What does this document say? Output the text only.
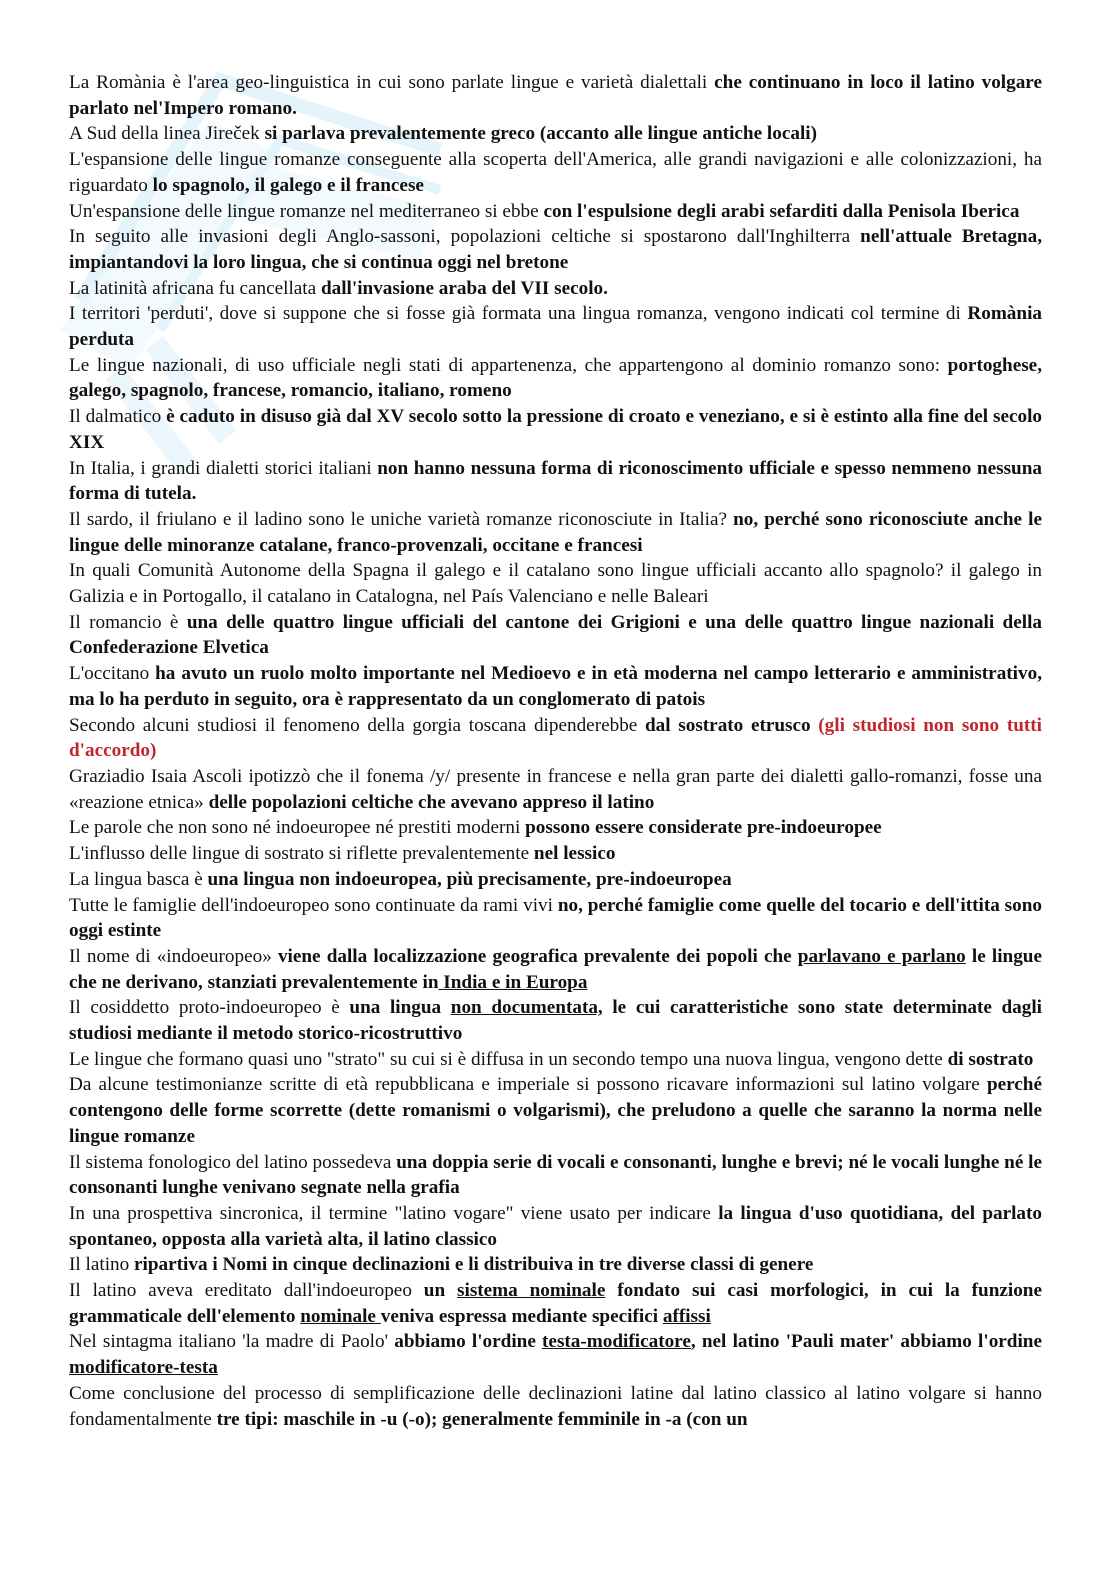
La Romània è l'area geo-linguistica in cui sono parlate lingue e varietà dialettali che continuano in loco il latino volgare parlato nel'Impero romano.
A Sud della linea Jireček si parlava prevalentemente greco (accanto alle lingue antiche locali)
L'espansione delle lingue romanze conseguente alla scoperta dell'America, alle grandi navigazioni e alle colonizzazioni, ha riguardato lo spagnolo, il galego e il francese
Un'espansione delle lingue romanze nel mediterraneo si ebbe con l'espulsione degli arabi sefarditi dalla Penisola Iberica
In seguito alle invasioni degli Anglo-sassoni, popolazioni celtiche si spostarono dall'Inghilterra nell'attuale Bretagna, impiantandovi la loro lingua, che si continua oggi nel bretone
La latinità africana fu cancellata dall'invasione araba del VII secolo.
I territori 'perduti', dove si suppone che si fosse già formata una lingua romanza, vengono indicati col termine di Romània perduta
Le lingue nazionali, di uso ufficiale negli stati di appartenenza, che appartengono al dominio romanzo sono: portoghese, galego, spagnolo, francese, romancio, italiano, romeno
Il dalmatico è caduto in disuso già dal XV secolo sotto la pressione di croato e veneziano, e si è estinto alla fine del secolo XIX
In Italia, i grandi dialetti storici italiani non hanno nessuna forma di riconoscimento ufficiale e spesso nemmeno nessuna forma di tutela.
Il sardo, il friulano e il ladino sono le uniche varietà romanze riconosciute in Italia? no, perché sono riconosciute anche le lingue delle minoranze catalane, franco-provenzali, occitane e francesi
In quali Comunità Autonome della Spagna il galego e il catalano sono lingue ufficiali accanto allo spagnolo? il galego in Galizia e in Portogallo, il catalano in Catalogna, nel País Valenciano e nelle Baleari
Il romancio è una delle quattro lingue ufficiali del cantone dei Grigioni e una delle quattro lingue nazionali della Confederazione Elvetica
L'occitano ha avuto un ruolo molto importante nel Medioevo e in età moderna nel campo letterario e amministrativo, ma lo ha perduto in seguito, ora è rappresentato da un conglomerato di patois
Secondo alcuni studiosi il fenomeno della gorgia toscana dipenderebbe dal sostrato etrusco (gli studiosi non sono tutti d'accordo)
Graziadio Isaia Ascoli ipotizzò che il fonema /y/ presente in francese e nella gran parte dei dialetti gallo-romanzi, fosse una «reazione etnica» delle popolazioni celtiche che avevano appreso il latino
Le parole che non sono né indoeuropee né prestiti moderni possono essere considerate pre-indoeuropee
L'influsso delle lingue di sostrato si riflette prevalentemente nel lessico
La lingua basca è una lingua non indoeuropea, più precisamente, pre-indoeuropea
Tutte le famiglie dell'indoeuropeo sono continuate da rami vivi no, perché famiglie come quelle del tocario e dell'ittita sono oggi estinte
Il nome di «indoeuropeo» viene dalla localizzazione geografica prevalente dei popoli che parlavano e parlano le lingue che ne derivano, stanziati prevalentemente in India e in Europa
Il cosiddetto proto-indoeuropeo è una lingua non documentata, le cui caratteristiche sono state determinate dagli studiosi mediante il metodo storico-ricostruttivo
Le lingue che formano quasi uno "strato" su cui si è diffusa in un secondo tempo una nuova lingua, vengono dette di sostrato
Da alcune testimonianze scritte di età repubblicana e imperiale si possono ricavare informazioni sul latino volgare perché contengono delle forme scorrette (dette romanismi o volgarismi), che preludono a quelle che saranno la norma nelle lingue romanze
Il sistema fonologico del latino possedeva una doppia serie di vocali e consonanti, lunghe e brevi; né le vocali lunghe né le consonanti lunghe venivano segnate nella grafia
In una prospettiva sincronica, il termine "latino vogare" viene usato per indicare la lingua d'uso quotidiana, del parlato spontaneo, opposta alla varietà alta, il latino classico
Il latino ripartiva i Nomi in cinque declinazioni e li distribuiva in tre diverse classi di genere
Il latino aveva ereditato dall'indoeuropeo un sistema nominale fondato sui casi morfologici, in cui la funzione grammaticale dell'elemento nominale veniva espressa mediante specifici affissi
Nel sintagma italiano 'la madre di Paolo' abbiamo l'ordine testa-modificatore, nel latino 'Pauli mater' abbiamo l'ordine modificatore-testa
Come conclusione del processo di semplificazione delle declinazioni latine dal latino classico al latino volgare si hanno fondamentalmente tre tipi: maschile in -u (-o); generalmente femminile in -a (con un
